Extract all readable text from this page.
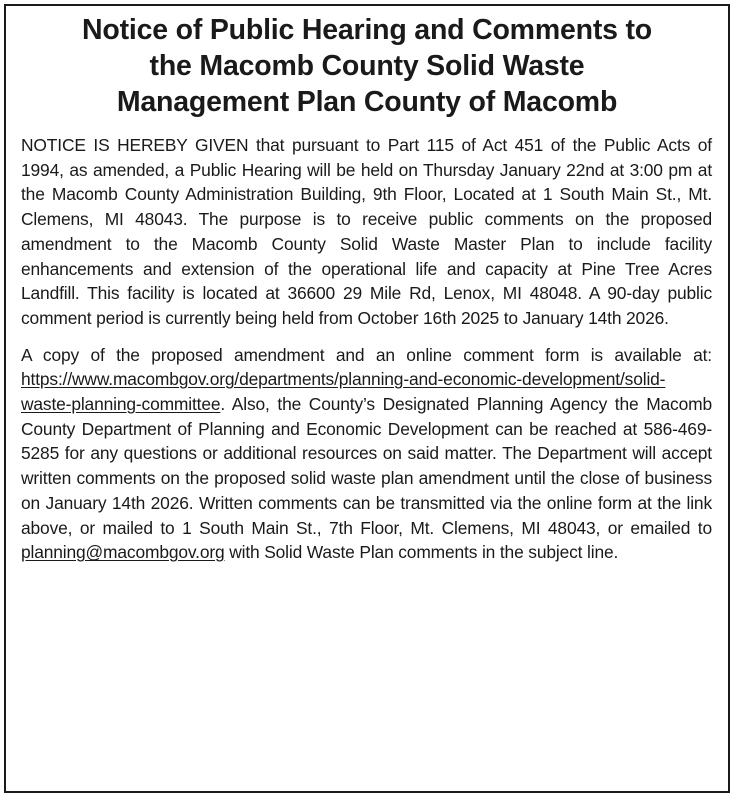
Notice of Public Hearing and Comments to
the Macomb County Solid Waste
Management Plan County of Macomb

NOTICE IS HEREBY GIVEN that pursuant to Part 115 of Act 451 of the Public Acts of 1994, as amended, a Public Hearing will be held on Thursday January 22nd at 3:00 pm at the Macomb County Administration Building, 9th Floor, Located at 1 South Main St., Mt. Clemens, MI 48043. The purpose is to receive public comments on the proposed amendment to the Macomb County Solid Waste Master Plan to include facility enhancements and extension of the operational life and capacity at Pine Tree Acres Landfill. This facility is located at 36600 29 Mile Rd, Lenox, MI 48048. A 90-day public comment period is currently being held from October 16th 2025 to January 14th 2026.

A copy of the proposed amendment and an online comment form is available at: https://www.macombgov.org/departments/planning-and-economic-development/solid-waste-planning-committee. Also, the County’s Designated Planning Agency the Macomb County Department of Planning and Economic Development can be reached at 586-469-5285 for any questions or additional resources on said matter. The Department will accept written comments on the proposed solid waste plan amendment until the close of business on January 14th 2026. Written comments can be transmitted via the online form at the link above, or mailed to 1 South Main St., 7th Floor, Mt. Clemens, MI 48043, or emailed to planning@macombgov.org with Solid Waste Plan comments in the subject line.
